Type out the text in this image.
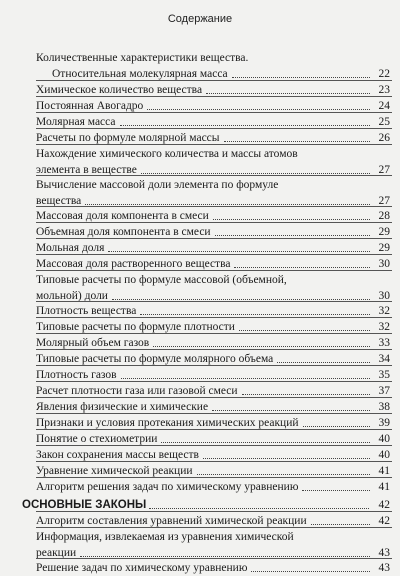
Содержание
Количественные характеристики вещества.
Относительная молекулярная масса	22
Химическое количество вещества	23
Постоянная Авогадро	24
Молярная масса	25
Расчеты по формуле молярной массы	26
Нахождение химического количества и массы атомов
элемента в веществе	27
Вычисление массовой доли элемента по формуле
вещества	27
Массовая доля компонента в смеси	28
Объемная доля компонента в смеси	29
Мольная доля	29
Массовая доля растворенного вещества	30
Типовые расчеты по формуле массовой (объемной,
мольной) доли	30
Плотность вещества	32
Типовые расчеты по формуле плотности	32
Молярный объем газов	33
Типовые расчеты по формуле молярного объема	34
Плотность газов	35
Расчет плотности газа или газовой смеси	37
Явления физические и химические	38
Признаки и условия протекания химических реакций	39
Понятие о стехиометрии	40
Закон сохранения массы веществ	40
Уравнение химической реакции	41
Алгоритм решения задач по химическому уравнению	41
ОСНОВНЫЕ ЗАКОНЫ	42
Алгоритм составления уравнений химической реакции	42
Информация, извлекаемая из уравнения химической
реакции	43
Решение задач по химическому уравнению	43
